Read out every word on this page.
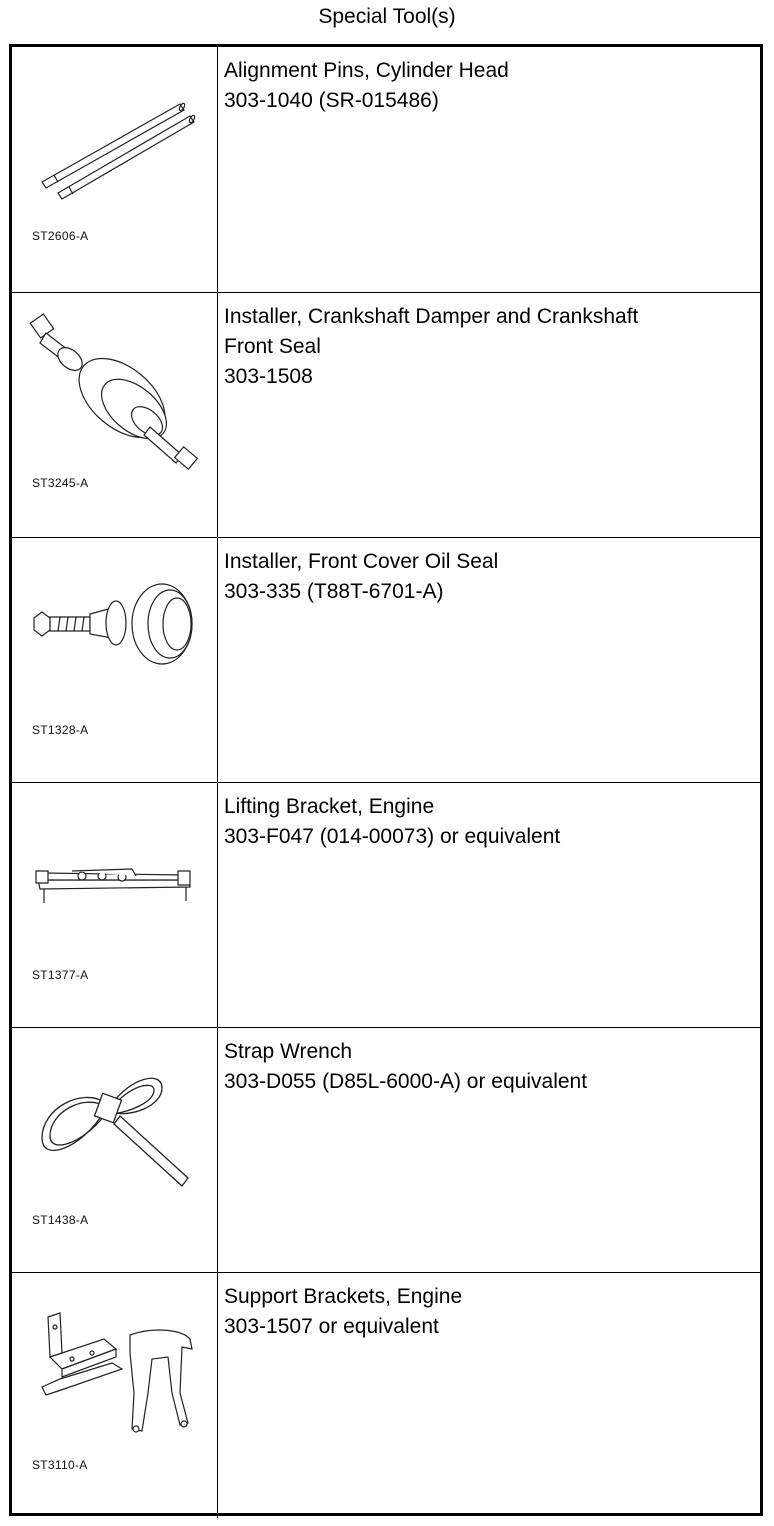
Special Tool(s)
ST2606-A
Alignment Pins, Cylinder Head
303-1040 (SR-015486)
ST3245-A
Installer, Crankshaft Damper and Crankshaft
Front Seal
303-1508
ST1328-A
Installer, Front Cover Oil Seal
303-335 (T88T-6701-A)
ST1377-A
Lifting Bracket, Engine
303-F047 (014-00073) or equivalent
ST1438-A
Strap Wrench
303-D055 (D85L-6000-A) or equivalent
ST3110-A
Support Brackets, Engine
303-1507 or equivalent
